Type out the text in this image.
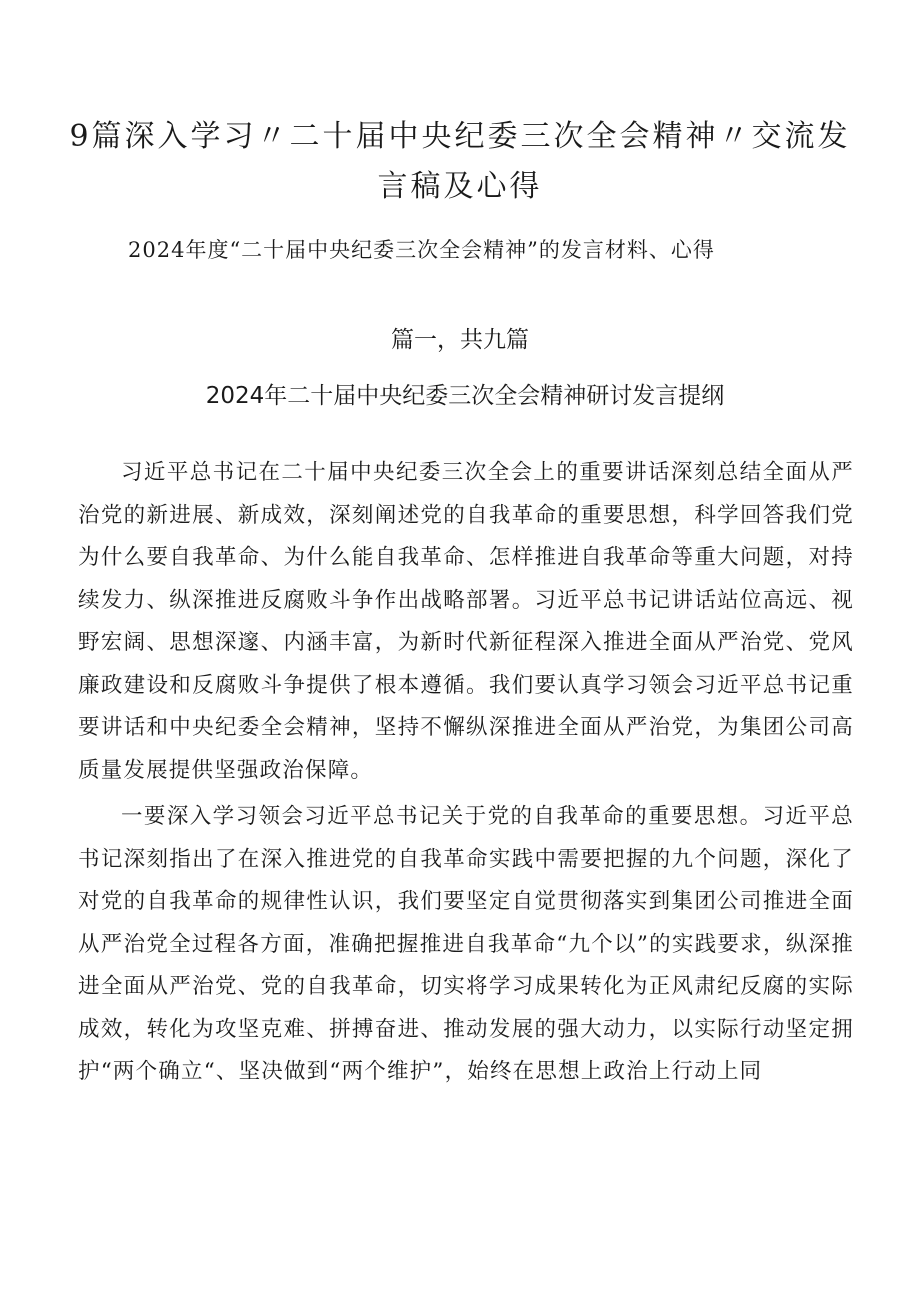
9篇深入学习〃二十届中央纪委三次全会精神〃交流发言稿及心得

2024年度“二十届中央纪委三次全会精神”的发言材料、心得

篇一，共九篇

2024年二十届中央纪委三次全会精神研讨发言提纲

习近平总书记在二十届中央纪委三次全会上的重要讲话深刻总结全面从严治党的新进展、新成效，深刻阐述党的自我革命的重要思想，科学回答我们党为什么要自我革命、为什么能自我革命、怎样推进自我革命等重大问题，对持续发力、纵深推进反腐败斗争作出战略部署。习近平总书记讲话站位高远、视野宏阔、思想深邃、内涵丰富，为新时代新征程深入推进全面从严治党、党风廉政建设和反腐败斗争提供了根本遵循。我们要认真学习领会习近平总书记重要讲话和中央纪委全会精神，坚持不懈纵深推进全面从严治党，为集团公司高质量发展提供坚强政治保障。

一要深入学习领会习近平总书记关于党的自我革命的重要思想。习近平总书记深刻指出了在深入推进党的自我革命实践中需要把握的九个问题，深化了对党的自我革命的规律性认识，我们要坚定自觉贯彻落实到集团公司推进全面从严治党全过程各方面，准确把握推进自我革命“九个以”的实践要求，纵深推进全面从严治党、党的自我革命，切实将学习成果转化为正风肃纪反腐的实际成效，转化为攻坚克难、拼搏奋进、推动发展的强大动力，以实际行动坚定拥护“两个确立“、坚决做到“两个维护”，始终在思想上政治上行动上同
